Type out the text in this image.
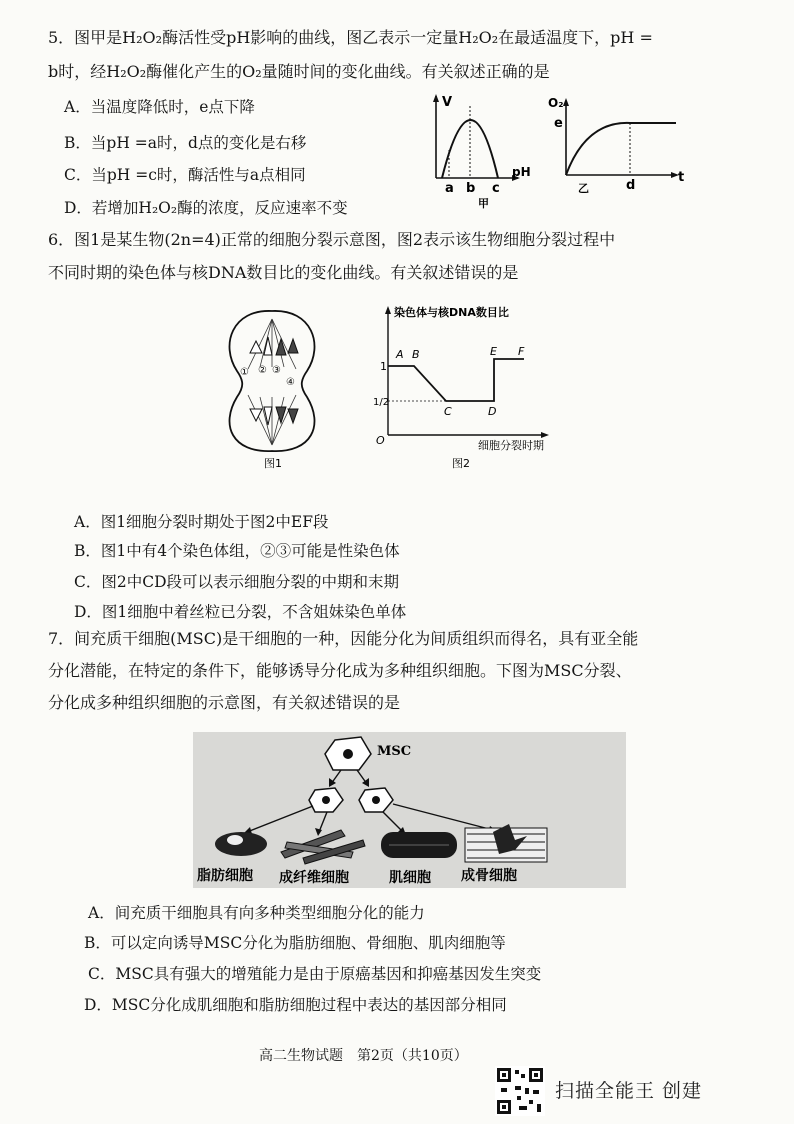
5．图甲是H₂O₂酶活性受pH影响的曲线，图乙表示一定量H₂O₂在最适温度下，pH =
b时，经H₂O₂酶催化产生的O₂量随时间的变化曲线。有关叙述正确的是
A．当温度降低时，e点下降
B．当pH =a时，d点的变化是右移
C．当pH =c时，酶活性与a点相同
D．若增加H₂O₂酶的浓度，反应速率不变
V
pH
a b c
甲
O₂
e
t
d
乙
6．图1是某生物(2n=4)正常的细胞分裂示意图，图2表示该生物细胞分裂过程中
不同时期的染色体与核DNA数目比的变化曲线。有关叙述错误的是
① ② ③
④
图1
染色体与核DNA数目比
细胞分裂时期
1
1/2
O
A B
C	D
E F
图2
A．图1细胞分裂时期处于图2中EF段
B．图1中有4个染色体组，②③可能是性染色体
C．图2中CD段可以表示细胞分裂的中期和末期
D．图1细胞中着丝粒已分裂，不含姐妹染色单体
7．间充质干细胞(MSC)是干细胞的一种，因能分化为间质组织而得名，具有亚全能
分化潜能，在特定的条件下，能够诱导分化成为多种组织细胞。下图为MSC分裂、
分化成多种组织细胞的示意图，有关叙述错误的是
MSC
脂肪细胞 成纤维细胞	肌细胞 成骨细胞
A．间充质干细胞具有向多种类型细胞分化的能力
B．可以定向诱导MSC分化为脂肪细胞、骨细胞、肌肉细胞等
C．MSC具有强大的增殖能力是由于原癌基因和抑癌基因发生突变
D．MSC分化成肌细胞和脂肪细胞过程中表达的基因部分相同
高二生物试题　第2页（共10页）
扫描全能王 创建
